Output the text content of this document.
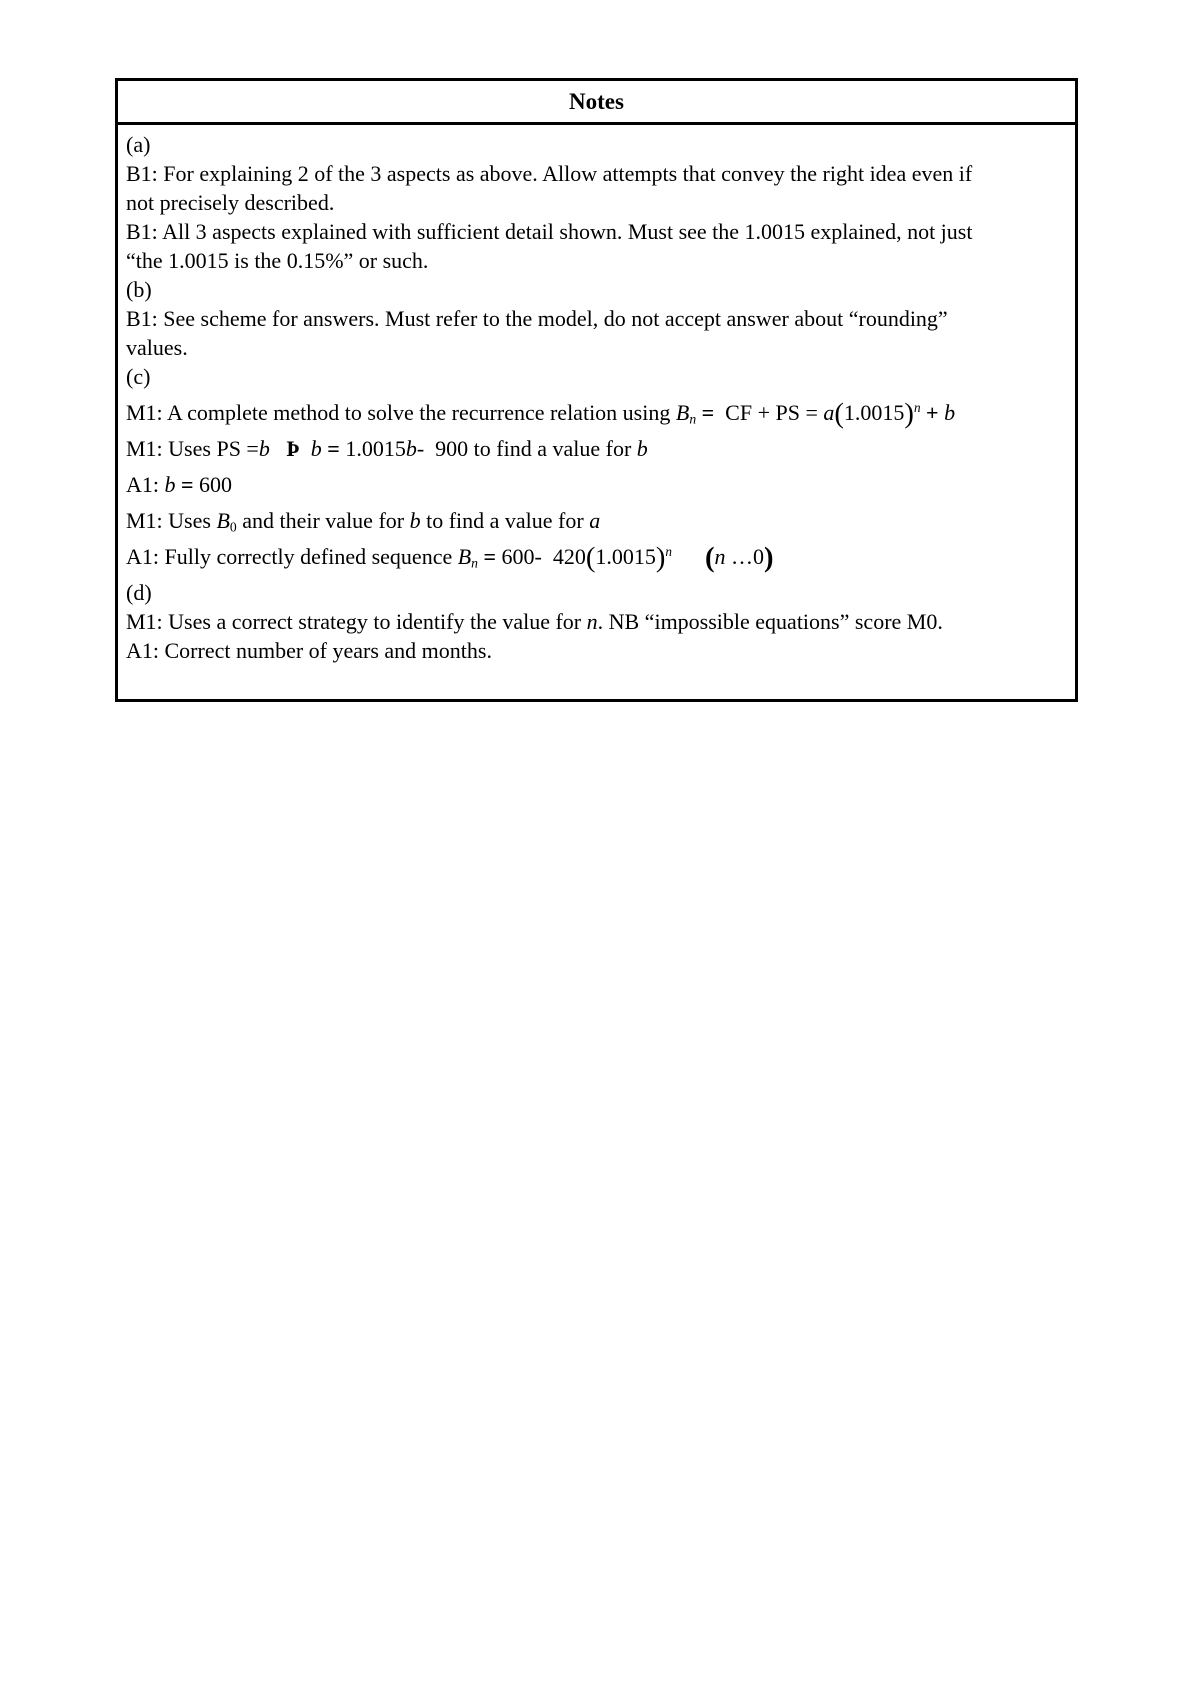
Notes

(a)

B1: For explaining 2 of the 3 aspects as above. Allow attempts that convey the right idea even if
not precisely described.

B1: All 3 aspects explained with sufficient detail shown. Must see the 1.0015 explained, not just
“the 1.0015 is the 0.15%” or such.

(b)

B1: See scheme for answers. Must refer to the model, do not accept answer about “rounding”
values.

(c)

M1: A complete method to solve the recurrence relation using $B_n$ =  CF + PS = $a(1.0015)^n + b$

M1: Uses PS =b Þ b = 1.0015b-  900 to find a value for b

A1: b = 600

M1: Uses $B_0$ and their value for b to find a value for a

A1: Fully correctly defined sequence $B_n = 600-$  $420(1.0015)^n$ (n …0)

(d)

M1: Uses a correct strategy to identify the value for n. NB “impossible equations” score M0.

A1: Correct number of years and months.
